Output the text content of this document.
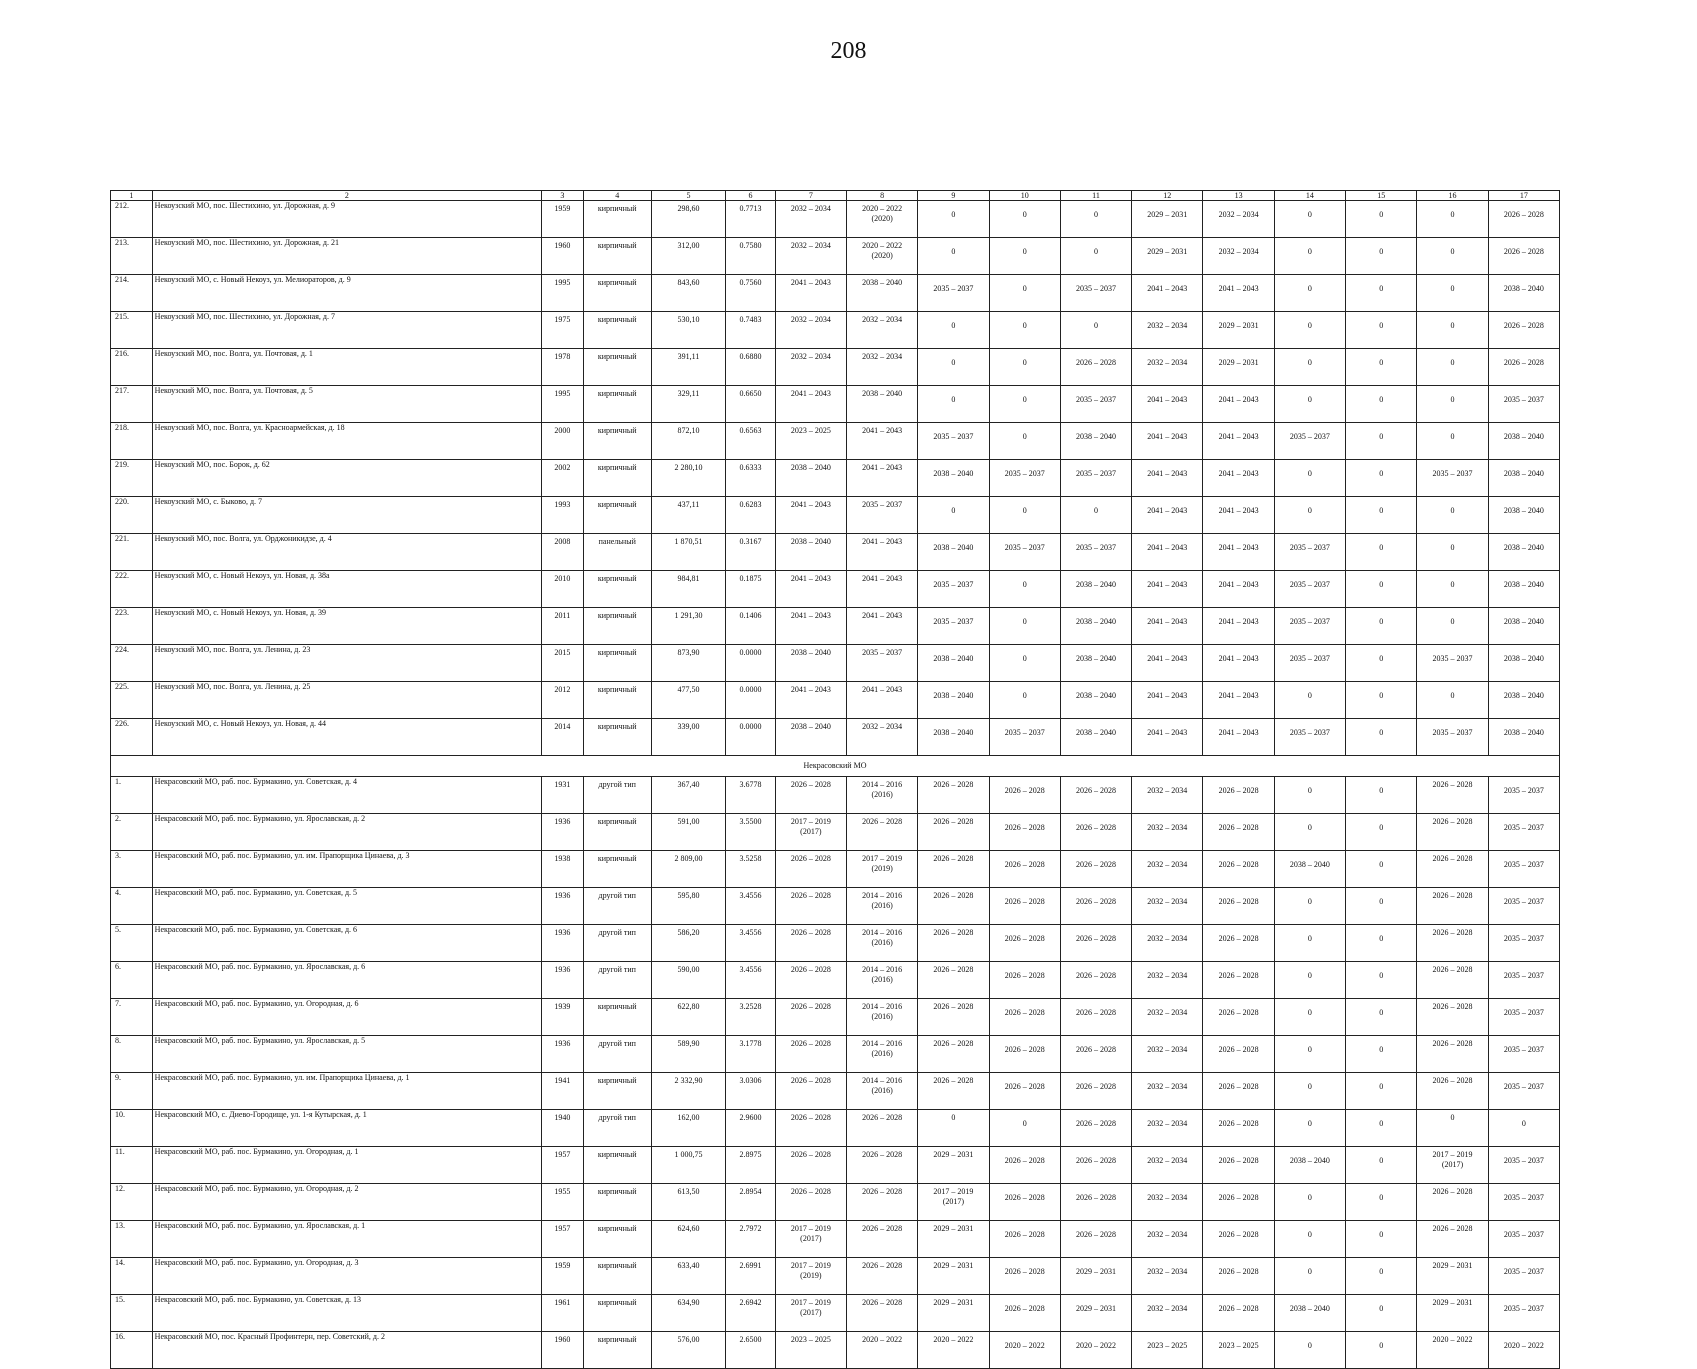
208
1	2	3	4	5	6	7	8	9	10	11	12	13	14	15	16	17

212.	Некоузский МО, пос. Шестихино, ул. Дорожная, д. 9	1959	кирпичный	298,60	0.7713	2032 – 2034	2020 – 2022
(2020)	0	0	0	2029 – 2031	2032 – 2034	0	0	0	2026 – 2028

213.	Некоузский МО, пос. Шестихино, ул. Дорожная, д. 21	1960	кирпичный	312,00	0.7580	2032 – 2034	2020 – 2022
(2020)	0	0	0	2029 – 2031	2032 – 2034	0	0	0	2026 – 2028

214.	Некоузский МО, с. Новый Некоуз, ул. Мелиораторов, д. 9	1995	кирпичный	843,60	0.7560	2041 – 2043	2038 – 2040	2035 – 2037	0	2035 – 2037	2041 – 2043	2041 – 2043	0	0	0	2038 – 2040

215.	Некоузский МО, пос. Шестихино, ул. Дорожная, д. 7	1975	кирпичный	530,10	0.7483	2032 – 2034	2032 – 2034	0	0	0	2032 – 2034	2029 – 2031	0	0	0	2026 – 2028

216.	Некоузский МО, пос. Волга, ул. Почтовая, д. 1	1978	кирпичный	391,11	0.6880	2032 – 2034	2032 – 2034	0	0	2026 – 2028	2032 – 2034	2029 – 2031	0	0	0	2026 – 2028

217.	Некоузский МО, пос. Волга, ул. Почтовая, д. 5	1995	кирпичный	329,11	0.6650	2041 – 2043	2038 – 2040	0	0	2035 – 2037	2041 – 2043	2041 – 2043	0	0	0	2035 – 2037

218.	Некоузский МО, пос. Волга, ул. Красноармейская, д. 18	2000	кирпичный	872,10	0.6563	2023 – 2025	2041 – 2043	2035 – 2037	0	2038 – 2040	2041 – 2043	2041 – 2043	2035 – 2037	0	0	2038 – 2040

219.	Некоузский МО, пос. Борок, д. 62	2002	кирпичный	2 280,10	0.6333	2038 – 2040	2041 – 2043	2038 – 2040	2035 – 2037	2035 – 2037	2041 – 2043	2041 – 2043	0	0	2035 – 2037	2038 – 2040

220.	Некоузский МО, с. Быково, д. 7	1993	кирпичный	437,11	0.6283	2041 – 2043	2035 – 2037	0	0	0	2041 – 2043	2041 – 2043	0	0	0	2038 – 2040

221.	Некоузский МО, пос. Волга, ул. Орджоникидзе, д. 4	2008	панельный	1 870,51	0.3167	2038 – 2040	2041 – 2043	2038 – 2040	2035 – 2037	2035 – 2037	2041 – 2043	2041 – 2043	2035 – 2037	0	0	2038 – 2040

222.	Некоузский МО, с. Новый Некоуз, ул. Новая, д. 38а	2010	кирпичный	984,81	0.1875	2041 – 2043	2041 – 2043	2035 – 2037	0	2038 – 2040	2041 – 2043	2041 – 2043	2035 – 2037	0	0	2038 – 2040

223.	Некоузский МО, с. Новый Некоуз, ул. Новая, д. 39	2011	кирпичный	1 291,30	0.1406	2041 – 2043	2041 – 2043	2035 – 2037	0	2038 – 2040	2041 – 2043	2041 – 2043	2035 – 2037	0	0	2038 – 2040

224.	Некоузский МО, пос. Волга, ул. Ленина, д. 23	2015	кирпичный	873,90	0.0000	2038 – 2040	2035 – 2037	2038 – 2040	0	2038 – 2040	2041 – 2043	2041 – 2043	2035 – 2037	0	2035 – 2037	2038 – 2040

225.	Некоузский МО, пос. Волга, ул. Ленина, д. 25	2012	кирпичный	477,50	0.0000	2041 – 2043	2041 – 2043	2038 – 2040	0	2038 – 2040	2041 – 2043	2041 – 2043	0	0	0	2038 – 2040

226.	Некоузский МО, с. Новый Некоуз, ул. Новая, д. 44	2014	кирпичный	339,00	0.0000	2038 – 2040	2032 – 2034	2038 – 2040	2035 – 2037	2038 – 2040	2041 – 2043	2041 – 2043	2035 – 2037	0	2035 – 2037	2038 – 2040

Некрасовский МО																

1.	Некрасовский МО, раб. пос. Бурмакино, ул. Советская, д. 4	1931	другой тип	367,40	3.6778	2026 – 2028	2014 – 2016
(2016)	2026 – 2028	2026 – 2028	2026 – 2028	2032 – 2034	2026 – 2028	0	0	2026 – 2028	2035 – 2037

2.	Некрасовский МО, раб. пос. Бурмакино, ул. Ярославская, д. 2	1936	кирпичный	591,00	3.5500	2017 – 2019
(2017)	2026 – 2028	2026 – 2028	2026 – 2028	2026 – 2028	2032 – 2034	2026 – 2028	0	0	2026 – 2028	2035 – 2037

3.	Некрасовский МО, раб. пос. Бурмакино, ул. им. Прапорщика Цинаева, д. 3	1938	кирпичный	2 809,00	3.5258	2026 – 2028	2017 – 2019
(2019)	2026 – 2028	2026 – 2028	2026 – 2028	2032 – 2034	2026 – 2028	2038 – 2040	0	2026 – 2028	2035 – 2037

4.	Некрасовский МО, раб. пос. Бурмакино, ул. Советская, д. 5	1936	другой тип	595,80	3.4556	2026 – 2028	2014 – 2016
(2016)	2026 – 2028	2026 – 2028	2026 – 2028	2032 – 2034	2026 – 2028	0	0	2026 – 2028	2035 – 2037

5.	Некрасовский МО, раб. пос. Бурмакино, ул. Советская, д. 6	1936	другой тип	586,20	3.4556	2026 – 2028	2014 – 2016
(2016)	2026 – 2028	2026 – 2028	2026 – 2028	2032 – 2034	2026 – 2028	0	0	2026 – 2028	2035 – 2037

6.	Некрасовский МО, раб. пос. Бурмакино, ул. Ярославская, д. 6	1936	другой тип	590,00	3.4556	2026 – 2028	2014 – 2016
(2016)	2026 – 2028	2026 – 2028	2026 – 2028	2032 – 2034	2026 – 2028	0	0	2026 – 2028	2035 – 2037

7.	Некрасовский МО, раб. пос. Бурмакино, ул. Огородная, д. 6	1939	кирпичный	622,80	3.2528	2026 – 2028	2014 – 2016
(2016)	2026 – 2028	2026 – 2028	2026 – 2028	2032 – 2034	2026 – 2028	0	0	2026 – 2028	2035 – 2037

8.	Некрасовский МО, раб. пос. Бурмакино, ул. Ярославская, д. 5	1936	другой тип	589,90	3.1778	2026 – 2028	2014 – 2016
(2016)	2026 – 2028	2026 – 2028	2026 – 2028	2032 – 2034	2026 – 2028	0	0	2026 – 2028	2035 – 2037

9.	Некрасовский МО, раб. пос. Бурмакино, ул. им. Прапорщика Цинаева, д. 1	1941	кирпичный	2 332,90	3.0306	2026 – 2028	2014 – 2016
(2016)	2026 – 2028	2026 – 2028	2026 – 2028	2032 – 2034	2026 – 2028	0	0	2026 – 2028	2035 – 2037

10.	Некрасовский МО, с. Диево-Городище, ул. 1-я Кутырская, д. 1	1940	другой тип	162,00	2.9600	2026 – 2028	2026 – 2028	0	0	2026 – 2028	2032 – 2034	2026 – 2028	0	0	0	0

11.	Некрасовский МО, раб. пос. Бурмакино, ул. Огородная, д. 1	1957	кирпичный	1 000,75	2.8975	2026 – 2028	2026 – 2028	2029 – 2031	2026 – 2028	2026 – 2028	2032 – 2034	2026 – 2028	2038 – 2040	0	2017 – 2019
(2017)	2035 – 2037

12.	Некрасовский МО, раб. пос. Бурмакино, ул. Огородная, д. 2	1955	кирпичный	613,50	2.8954	2026 – 2028	2026 – 2028	2017 – 2019
(2017)	2026 – 2028	2026 – 2028	2032 – 2034	2026 – 2028	0	0	2026 – 2028	2035 – 2037

13.	Некрасовский МО, раб. пос. Бурмакино, ул. Ярославская, д. 1	1957	кирпичный	624,60	2.7972	2017 – 2019
(2017)	2026 – 2028	2029 – 2031	2026 – 2028	2026 – 2028	2032 – 2034	2026 – 2028	0	0	2026 – 2028	2035 – 2037

14.	Некрасовский МО, раб. пос. Бурмакино, ул. Огородная, д. 3	1959	кирпичный	633,40	2.6991	2017 – 2019
(2019)	2026 – 2028	2029 – 2031	2026 – 2028	2029 – 2031	2032 – 2034	2026 – 2028	0	0	2029 – 2031	2035 – 2037

15.	Некрасовский МО, раб. пос. Бурмакино, ул. Советская, д. 13	1961	кирпичный	634,90	2.6942	2017 – 2019
(2017)	2026 – 2028	2029 – 2031	2026 – 2028	2029 – 2031	2032 – 2034	2026 – 2028	2038 – 2040	0	2029 – 2031	2035 – 2037

16.	Некрасовский МО, пос. Красный Профинтерн, пер. Советский, д. 2	1960	кирпичный	576,00	2.6500	2023 – 2025	2020 – 2022	2020 – 2022	2020 – 2022	2020 – 2022	2023 – 2025	2023 – 2025	0	0	2020 – 2022	2020 – 2022
